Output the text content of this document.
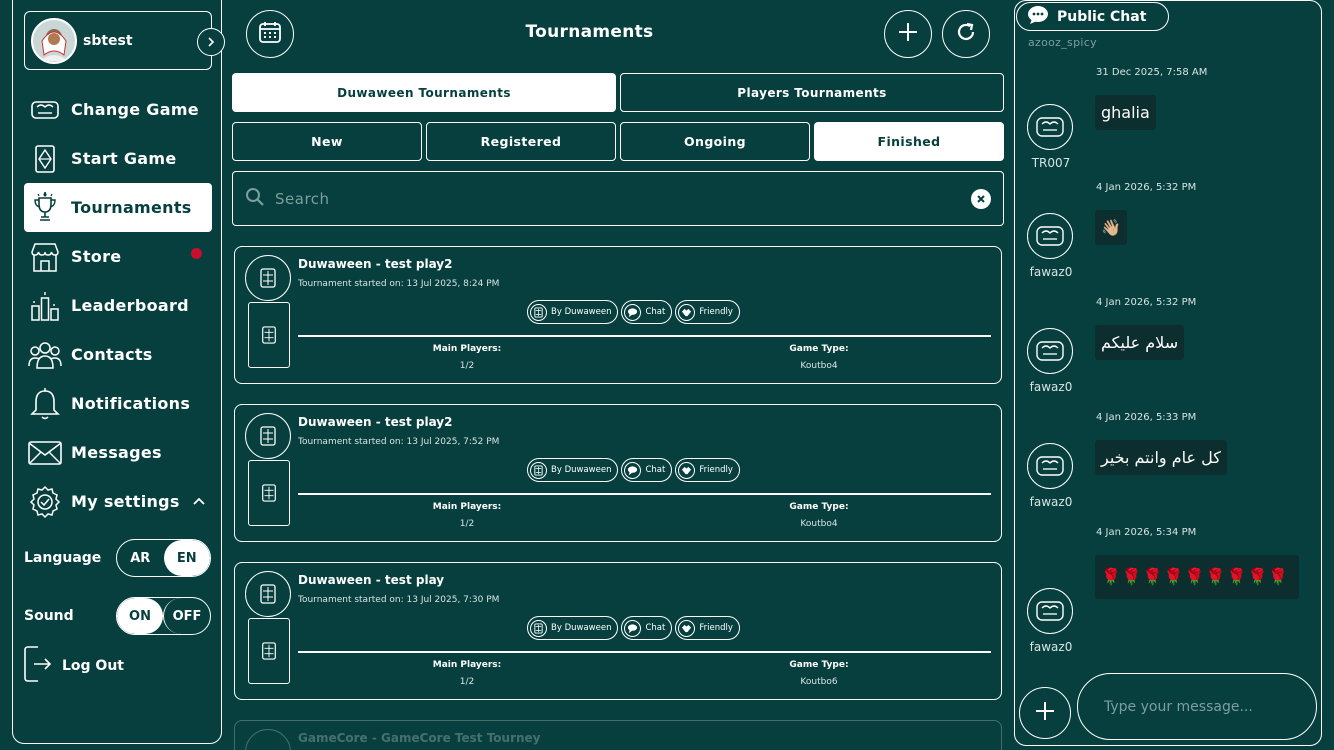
sbtest
Change Game
Start Game
Tournaments
Store
Leaderboard
Contacts
Notifications
Messages
My settings
Language	AR	EN
Sound	ON	OFF
Log Out
Tournaments
Duwaween Tournaments	Players Tournaments
New	Registered	Ongoing	Finished
Search
Duwaween - test play2
Tournament started on: 13 Jul 2025, 8:24 PM
By Duwaween	Chat	Friendly
Main Players:
1/2
Game Type:
Koutbo4
Duwaween - test play2
Tournament started on: 13 Jul 2025, 7:52 PM
By Duwaween	Chat	Friendly
Main Players:
1/2
Game Type:
Koutbo4
Duwaween - test play
Tournament started on: 13 Jul 2025, 7:30 PM
By Duwaween	Chat	Friendly
Main Players:
1/2
Game Type:
Koutbo6
GameCore - GameCore Test Tourney
Public Chat
azooz_spicy
31 Dec 2025, 7:58 AM
TR007
ghalia
4 Jan 2026, 5:32 PM
fawaz0
👋🏼
4 Jan 2026, 5:32 PM
fawaz0
سلام عليكم
4 Jan 2026, 5:33 PM
fawaz0
كل عام وانتم بخير
4 Jan 2026, 5:34 PM
fawaz0
🌹🌹🌹🌹🌹🌹🌹🌹🌹
Type your message...
